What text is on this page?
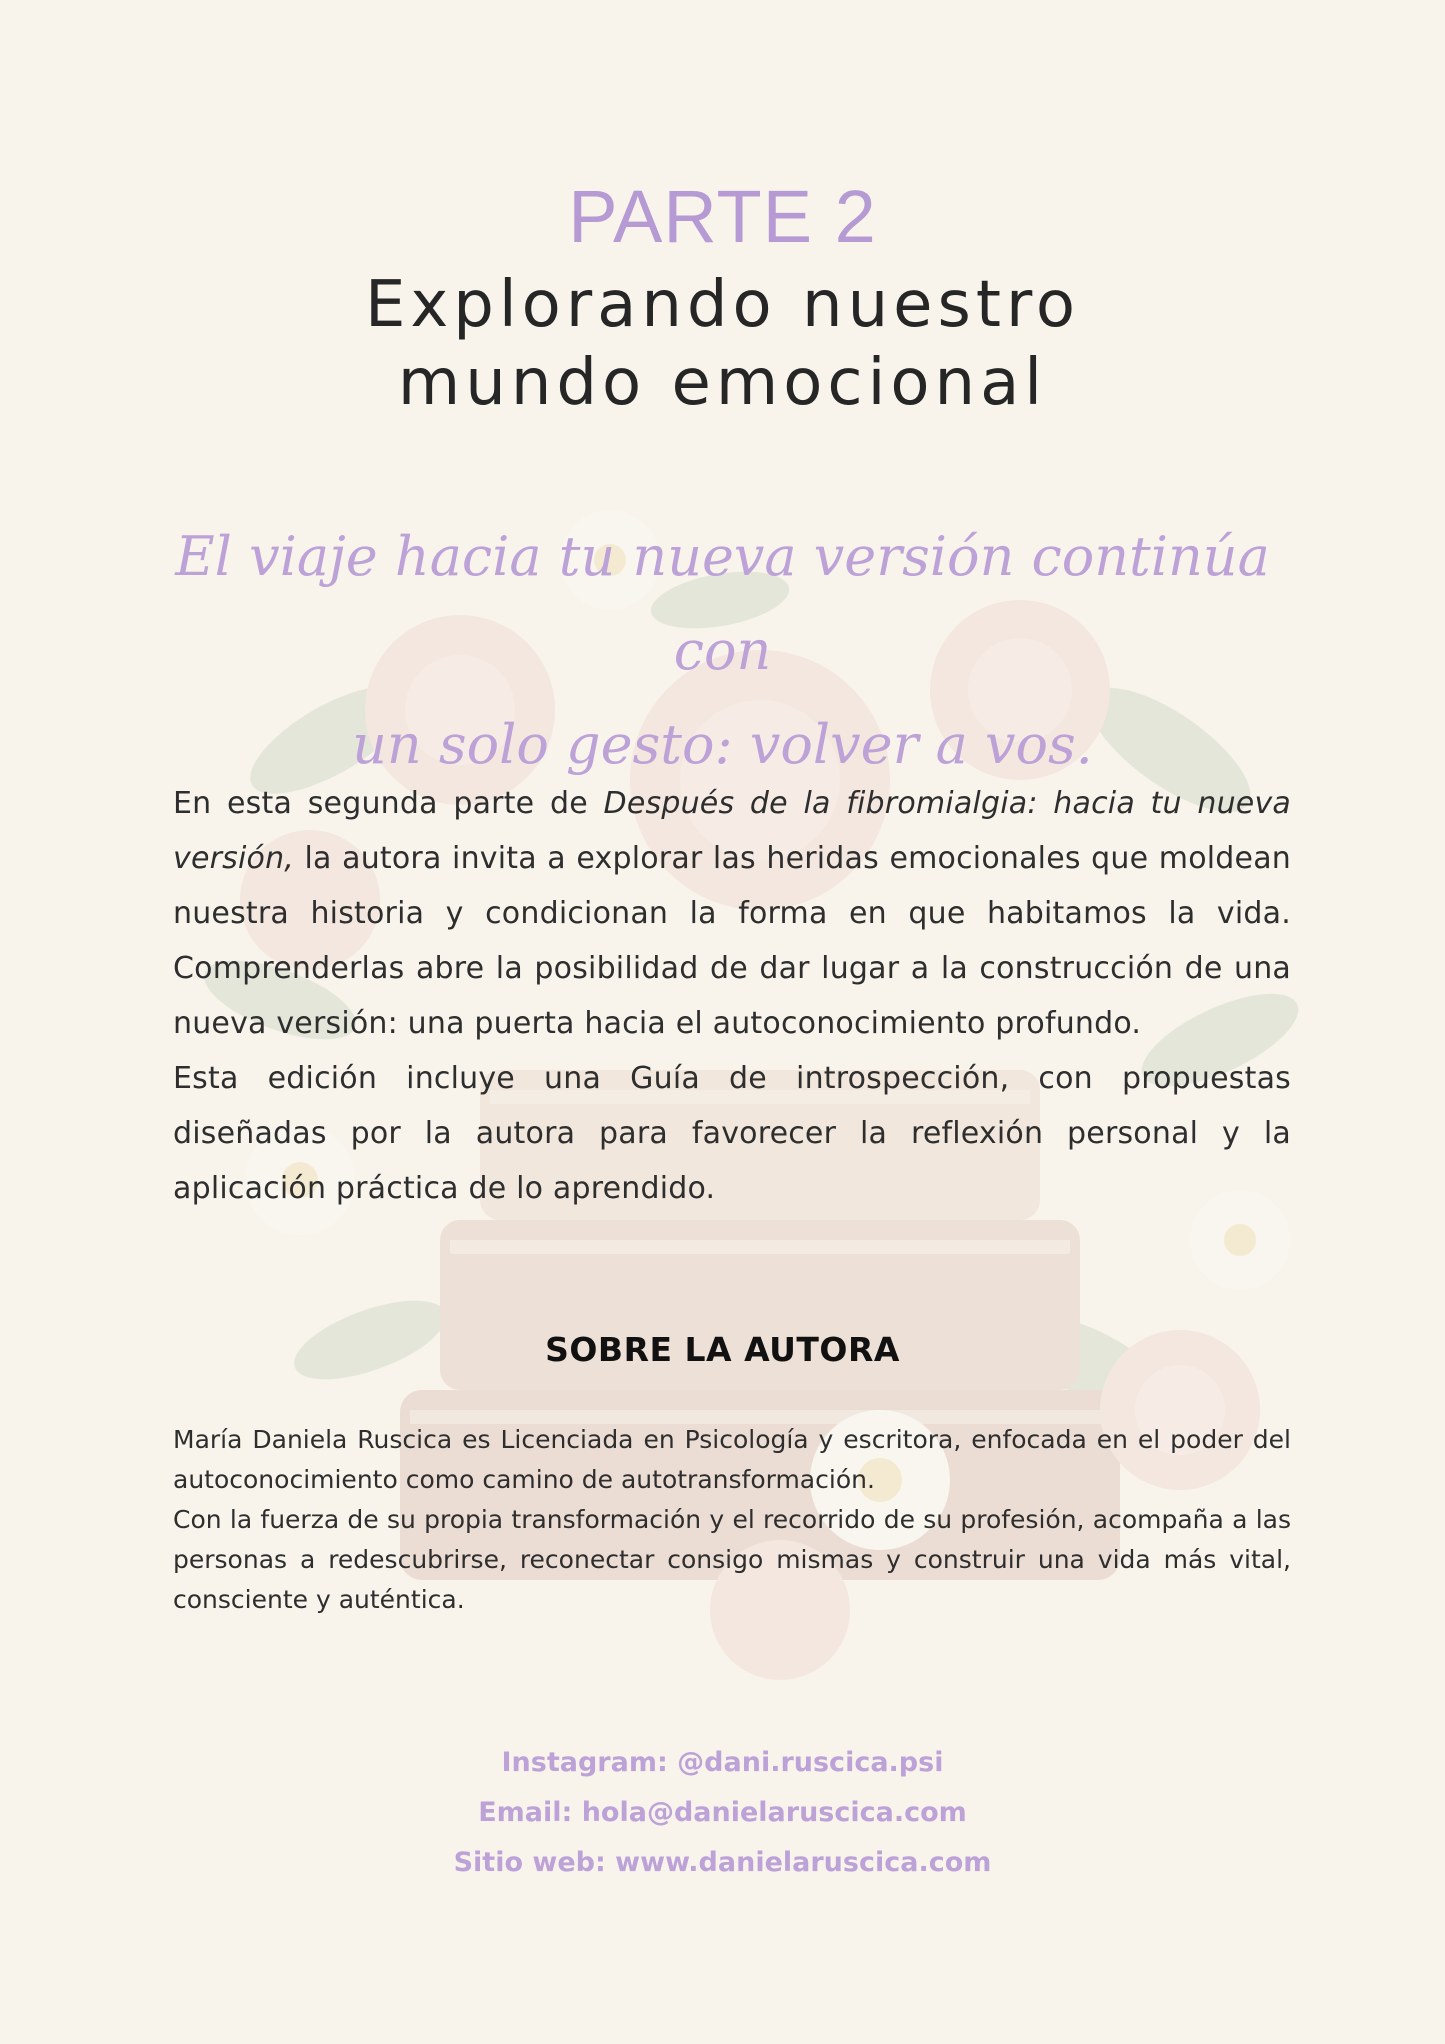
PARTE 2
Explorando nuestro
mundo emocional
El viaje hacia tu nueva versión continúa con
un solo gesto: volver a vos.

En esta segunda parte de Después de la fibromialgia: hacia tu nueva versión, la autora invita a explorar las heridas emocionales que moldean nuestra historia y condicionan la forma en que habitamos la vida. Comprenderlas abre la posibilidad de dar lugar a la construcción de una nueva versión: una puerta hacia el autoconocimiento profundo.

Esta edición incluye una Guía de introspección, con propuestas diseñadas por la autora para favorecer la reflexión personal y la aplicación práctica de lo aprendido.

SOBRE LA AUTORA

María Daniela Ruscica es Licenciada en Psicología y escritora, enfocada en el poder del autoconocimiento como camino de autotransformación.

Con la fuerza de su propia transformación y el recorrido de su profesión, acompaña a las personas a redescubrirse, reconectar consigo mismas y construir una vida más vital, consciente y auténtica.

Instagram: @dani.ruscica.psi
Email: hola@danielaruscica.com
Sitio web: www.danielaruscica.com
